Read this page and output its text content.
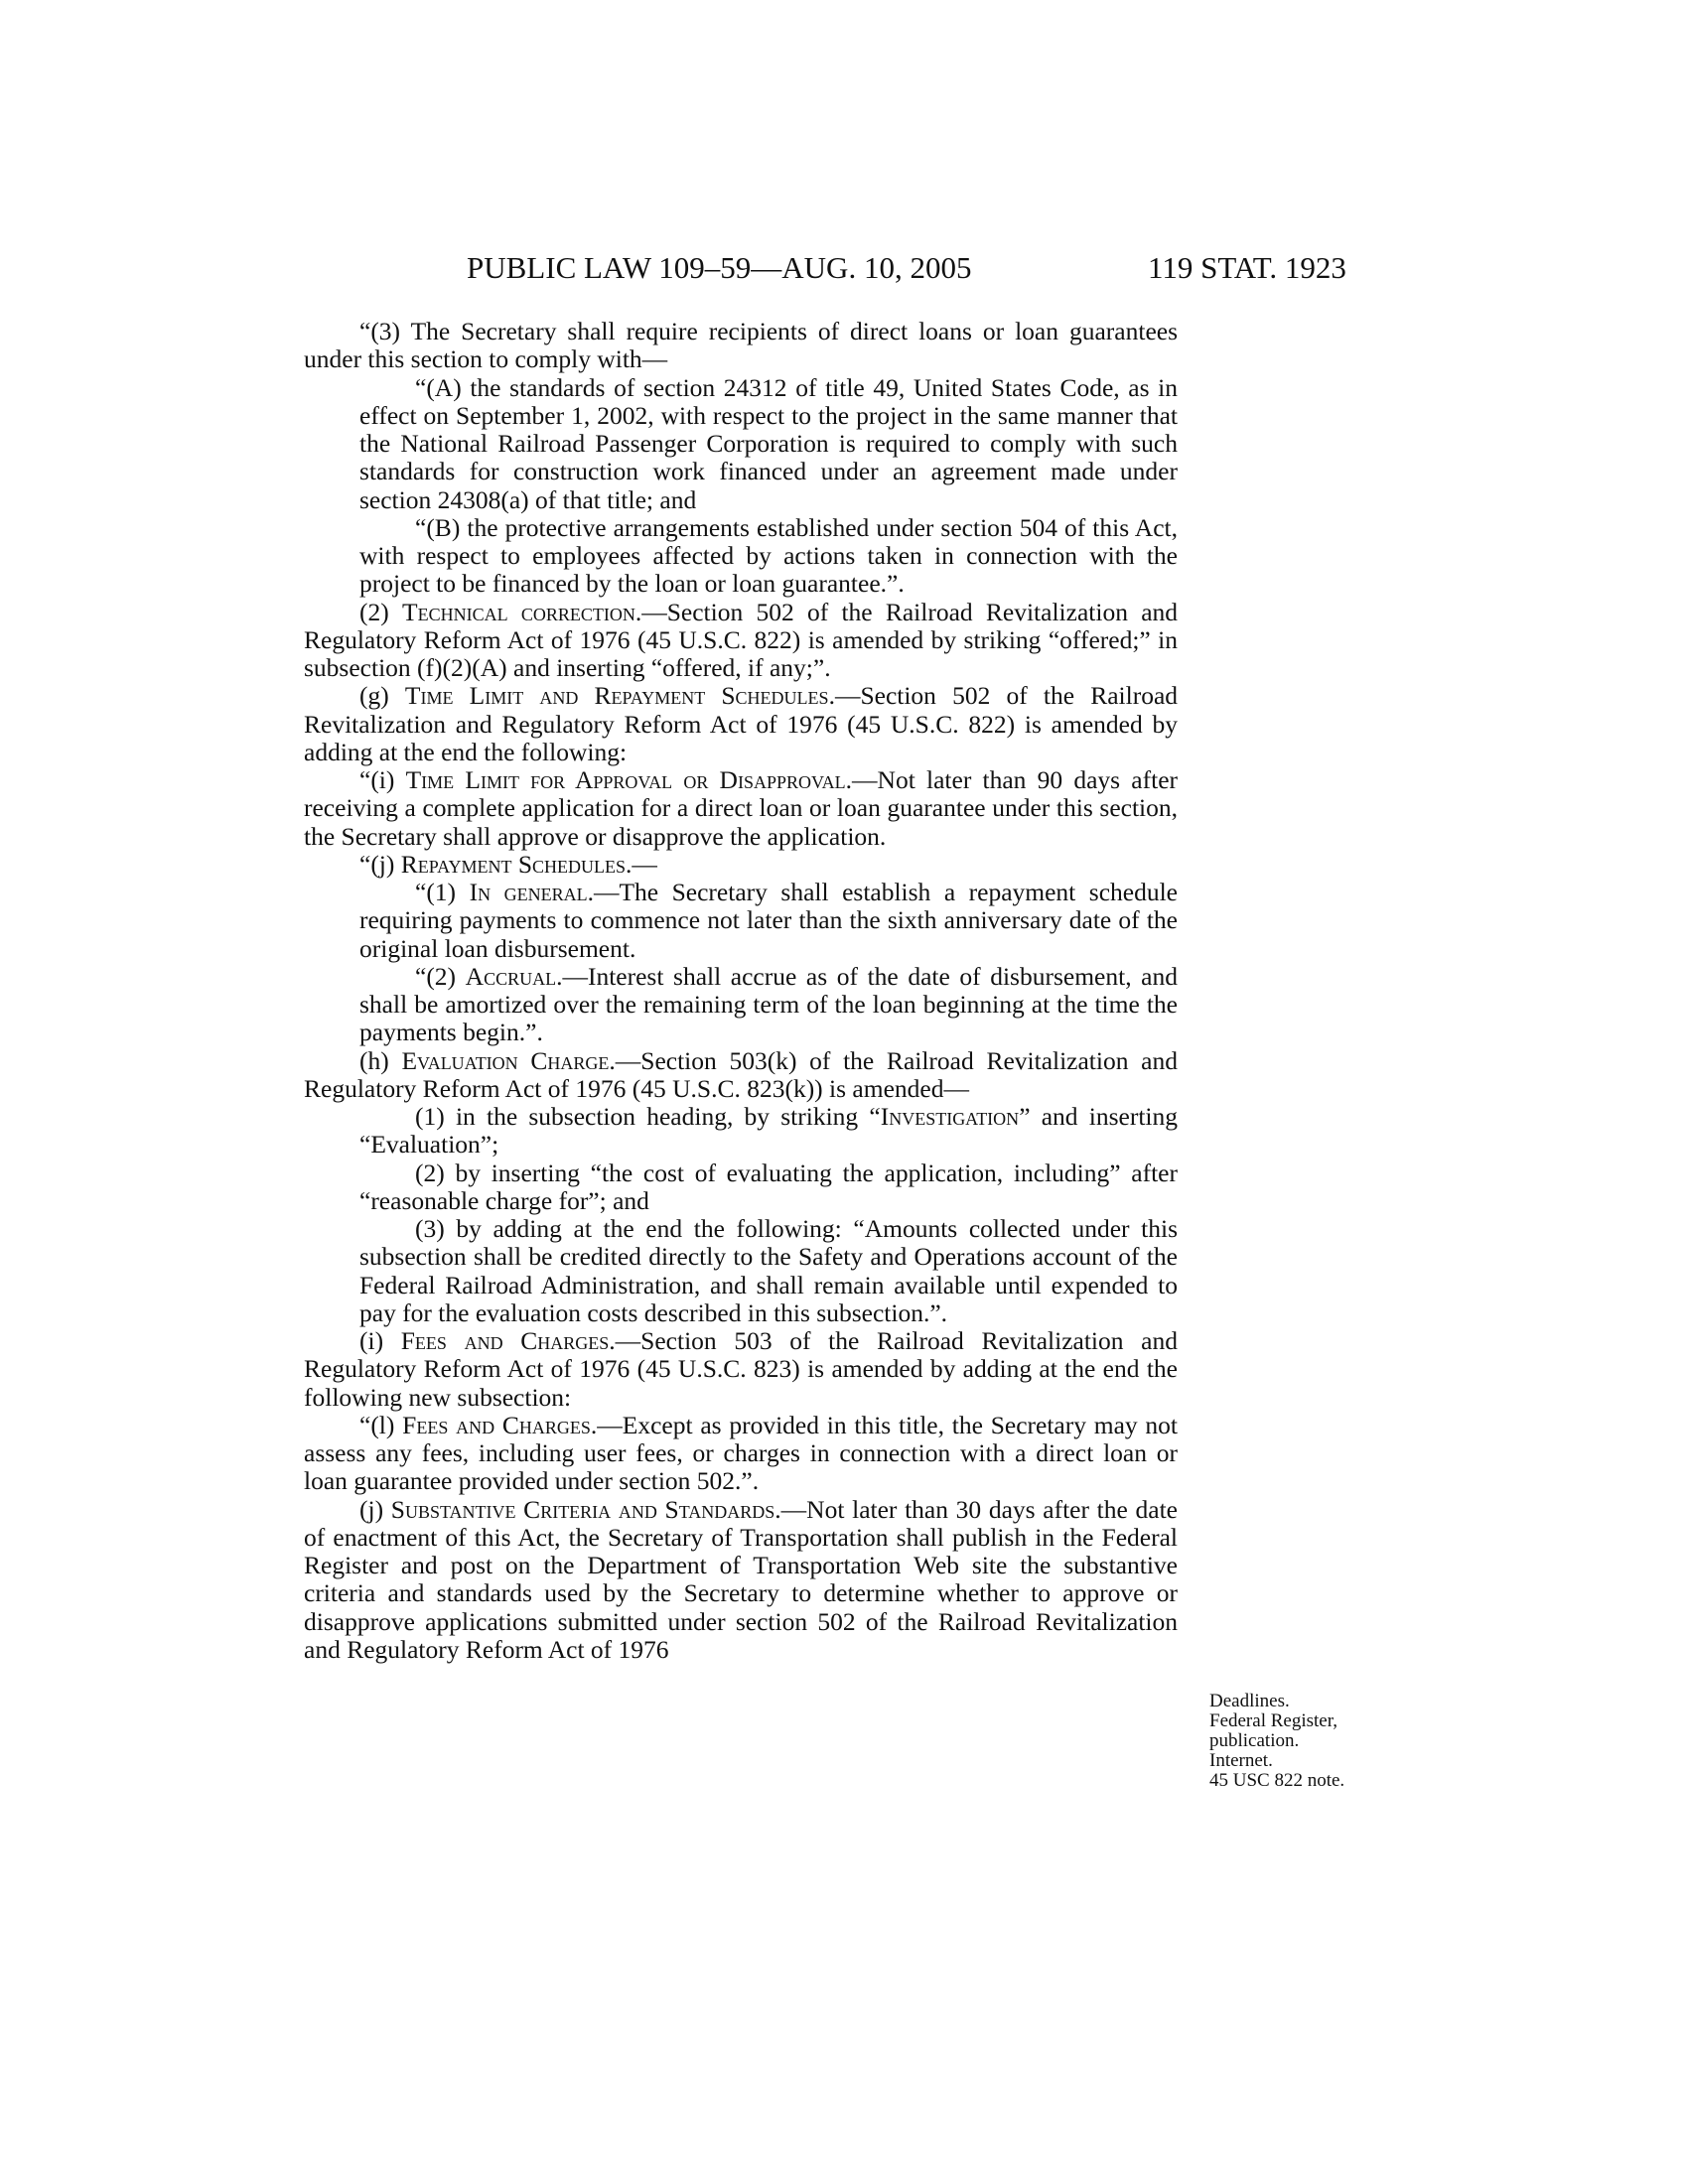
PUBLIC LAW 109–59—AUG. 10, 2005	119 STAT. 1923

“(3) The Secretary shall require recipients of direct loans or loan guarantees under this section to comply with—

“(A) the standards of section 24312 of title 49, United States Code, as in effect on September 1, 2002, with respect to the project in the same manner that the National Railroad Passenger Corporation is required to comply with such standards for construction work financed under an agreement made under section 24308(a) of that title; and

“(B) the protective arrangements established under section 504 of this Act, with respect to employees affected by actions taken in connection with the project to be financed by the loan or loan guarantee.”.

(2) Technical correction.—Section 502 of the Railroad Revitalization and Regulatory Reform Act of 1976 (45 U.S.C. 822) is amended by striking “offered;” in subsection (f)(2)(A) and inserting “offered, if any;”.

(g) Time Limit and Repayment Schedules.—Section 502 of the Railroad Revitalization and Regulatory Reform Act of 1976 (45 U.S.C. 822) is amended by adding at the end the following:

“(i) Time Limit for Approval or Disapproval.—Not later than 90 days after receiving a complete application for a direct loan or loan guarantee under this section, the Secretary shall approve or disapprove the application.

“(j) Repayment Schedules.—

“(1) In general.—The Secretary shall establish a repayment schedule requiring payments to commence not later than the sixth anniversary date of the original loan disbursement.

“(2) Accrual.—Interest shall accrue as of the date of disbursement, and shall be amortized over the remaining term of the loan beginning at the time the payments begin.”.

(h) Evaluation Charge.—Section 503(k) of the Railroad Revitalization and Regulatory Reform Act of 1976 (45 U.S.C. 823(k)) is amended—

(1) in the subsection heading, by striking “Investigation” and inserting “Evaluation”;

(2) by inserting “the cost of evaluating the application, including” after “reasonable charge for”; and

(3) by adding at the end the following: “Amounts collected under this subsection shall be credited directly to the Safety and Operations account of the Federal Railroad Administration, and shall remain available until expended to pay for the evaluation costs described in this subsection.”.

(i) Fees and Charges.—Section 503 of the Railroad Revitalization and Regulatory Reform Act of 1976 (45 U.S.C. 823) is amended by adding at the end the following new subsection:

“(l) Fees and Charges.—Except as provided in this title, the Secretary may not assess any fees, including user fees, or charges in connection with a direct loan or loan guarantee provided under section 502.”.

(j) Substantive Criteria and Standards.—Not later than 30 days after the date of enactment of this Act, the Secretary of Transportation shall publish in the Federal Register and post on the Department of Transportation Web site the substantive criteria and standards used by the Secretary to determine whether to approve or disapprove applications submitted under section 502 of the Railroad Revitalization and Regulatory Reform Act of 1976

Deadlines.
Federal Register,
publication.
Internet.
45 USC 822 note.
